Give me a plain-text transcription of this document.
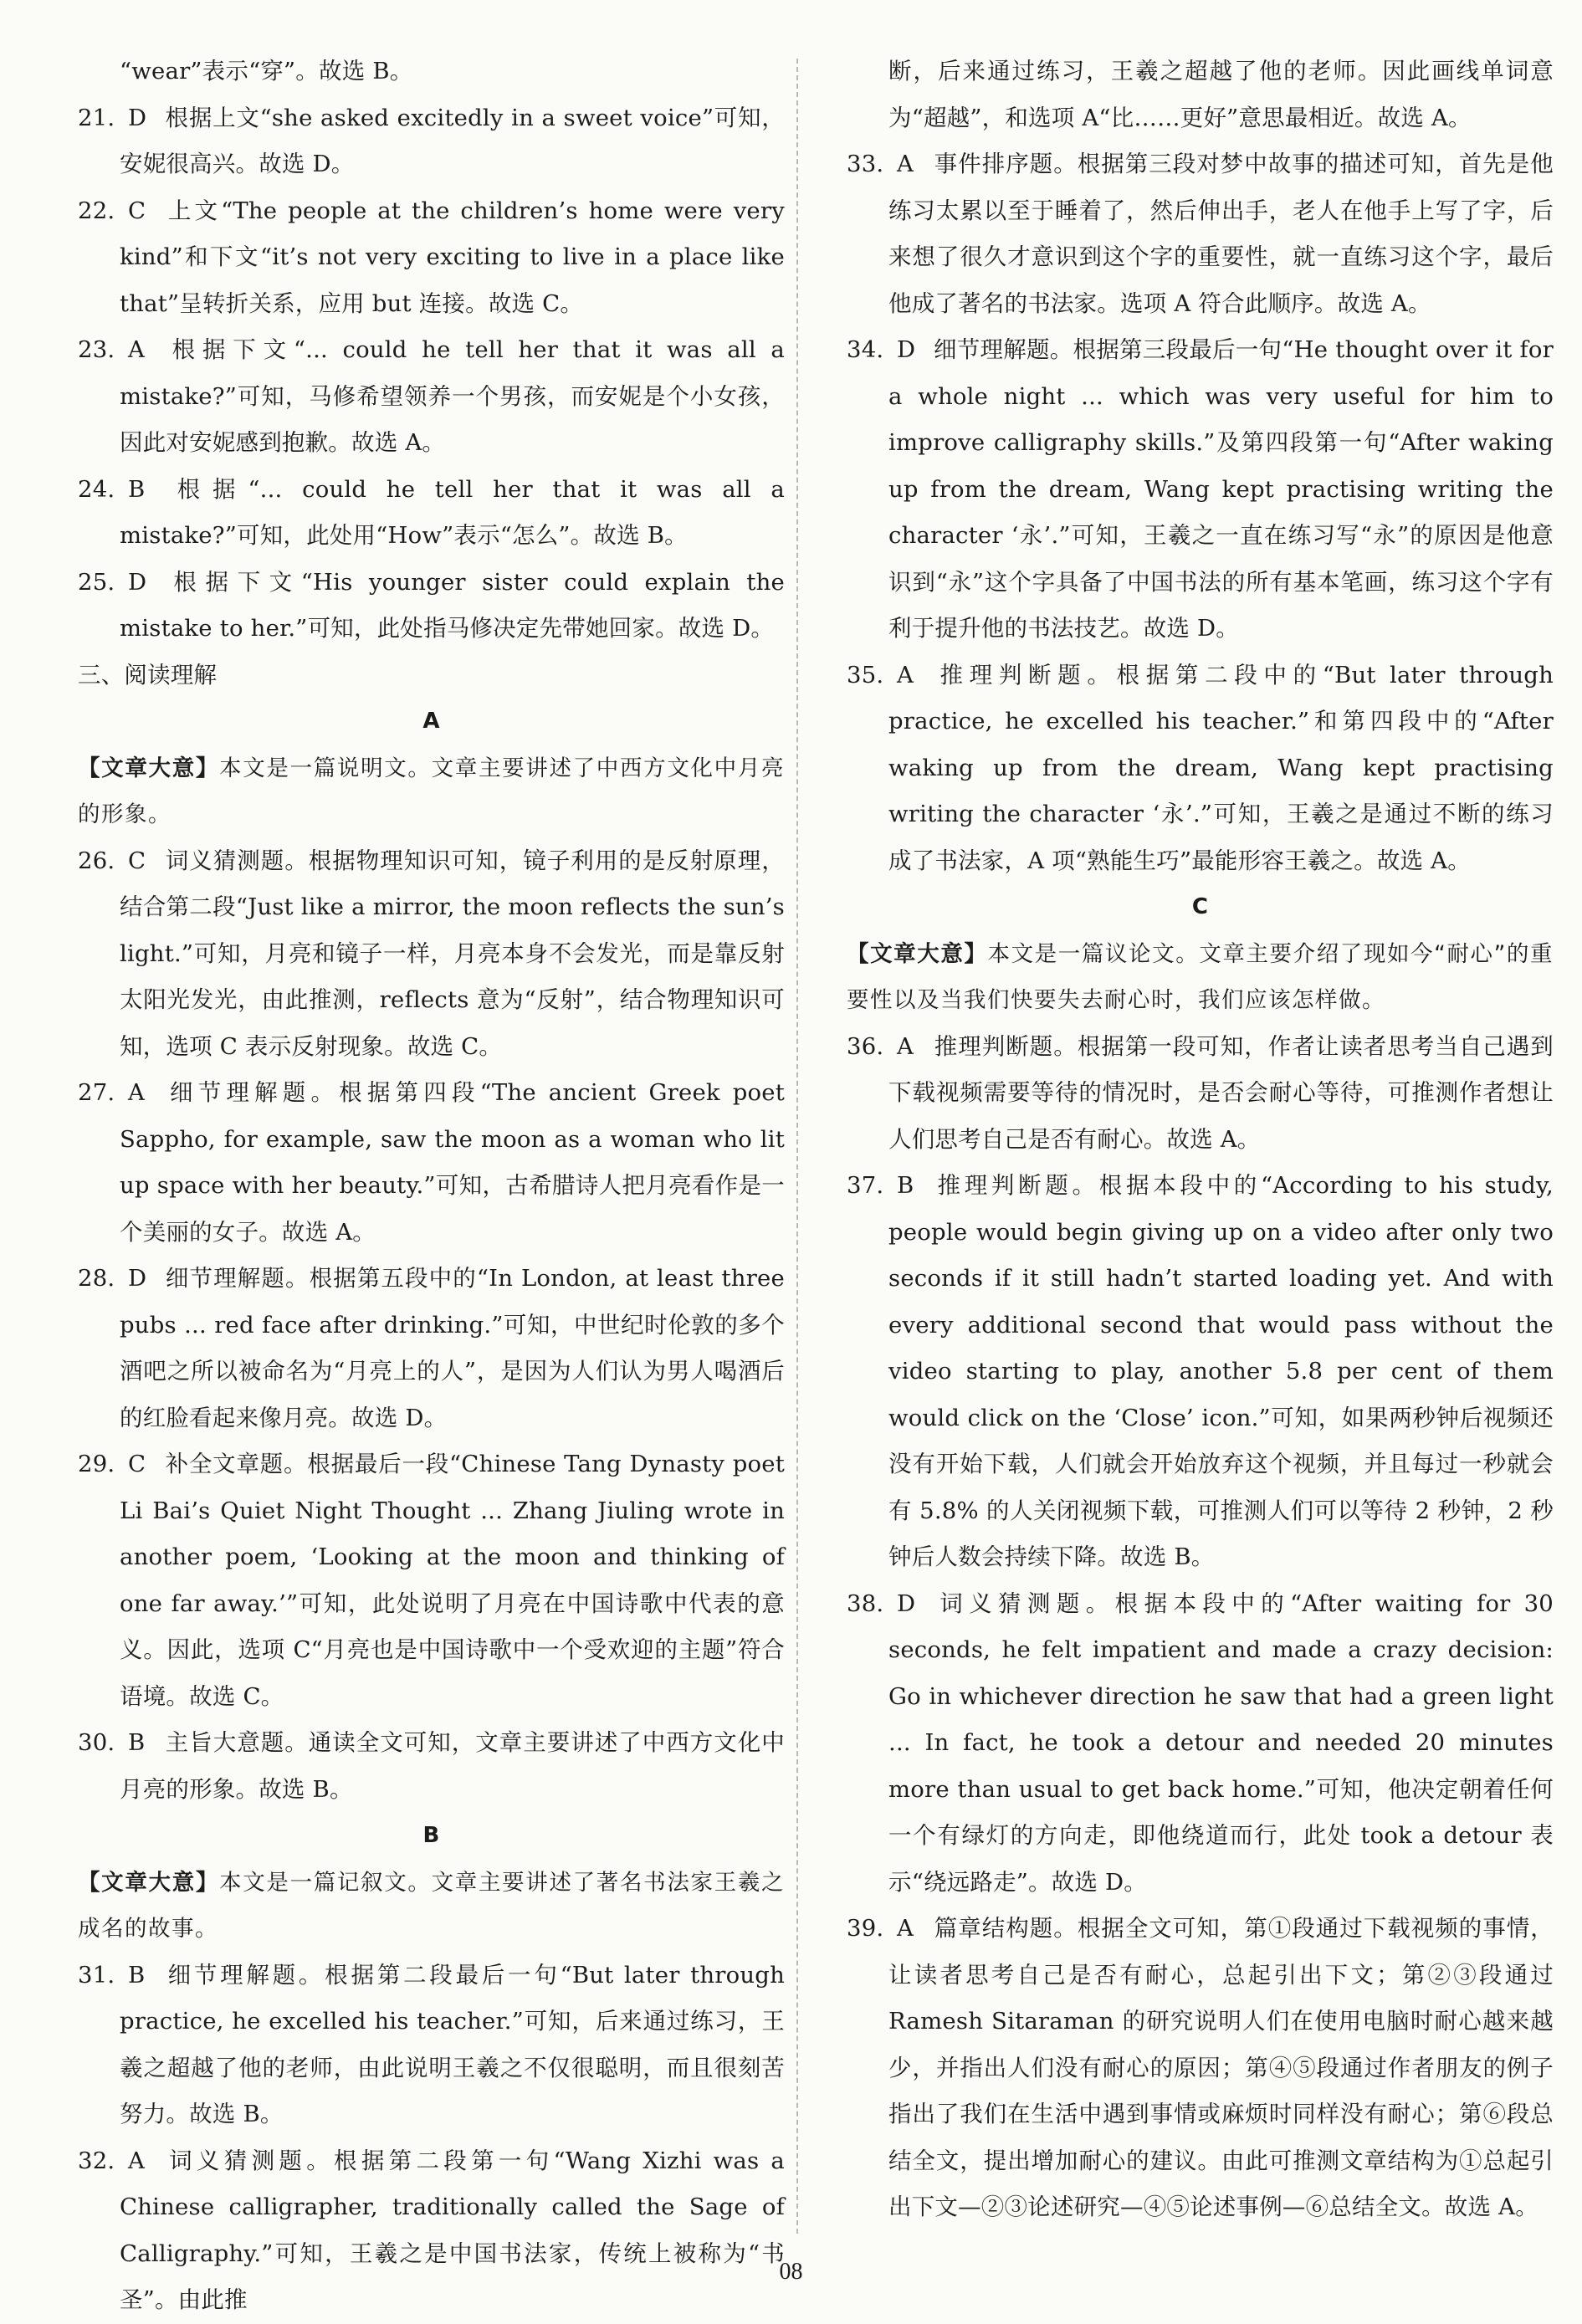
“wear”表示“穿”。故选 B。

21. D 根据上文“she asked excitedly in a sweet voice”可知，安妮很高兴。故选 D。

22. C 上文“The people at the children’s home were very kind”和下文“it’s not very exciting to live in a place like that”呈转折关系，应用 but 连接。故选 C。

23. A 根据下文“... could he tell her that it was all a mistake?”可知，马修希望领养一个男孩，而安妮是个小女孩，因此对安妮感到抱歉。故选 A。

24. B 根据“... could he tell her that it was all a mistake?”可知，此处用“How”表示“怎么”。故选 B。

25. D 根据下文“His younger sister could explain the mistake to her.”可知，此处指马修决定先带她回家。故选 D。

三、阅读理解

A

【文章大意】本文是一篇说明文。文章主要讲述了中西方文化中月亮的形象。

26. C 词义猜测题。根据物理知识可知，镜子利用的是反射原理，结合第二段“Just like a mirror, the moon reflects the sun’s light.”可知，月亮和镜子一样，月亮本身不会发光，而是靠反射太阳光发光，由此推测，reflects 意为“反射”，结合物理知识可知，选项 C 表示反射现象。故选 C。

27. A 细节理解题。根据第四段“The ancient Greek poet Sappho, for example, saw the moon as a woman who lit up space with her beauty.”可知，古希腊诗人把月亮看作是一个美丽的女子。故选 A。

28. D 细节理解题。根据第五段中的“In London, at least three pubs ... red face after drinking.”可知，中世纪时伦敦的多个酒吧之所以被命名为“月亮上的人”，是因为人们认为男人喝酒后的红脸看起来像月亮。故选 D。

29. C 补全文章题。根据最后一段“Chinese Tang Dynasty poet Li Bai’s Quiet Night Thought ... Zhang Jiuling wrote in another poem, ‘Looking at the moon and thinking of one far away.’”可知，此处说明了月亮在中国诗歌中代表的意义。因此，选项 C“月亮也是中国诗歌中一个受欢迎的主题”符合语境。故选 C。

30. B 主旨大意题。通读全文可知，文章主要讲述了中西方文化中月亮的形象。故选 B。

B

【文章大意】本文是一篇记叙文。文章主要讲述了著名书法家王羲之成名的故事。

31. B 细节理解题。根据第二段最后一句“But later through practice, he excelled his teacher.”可知，后来通过练习，王羲之超越了他的老师，由此说明王羲之不仅很聪明，而且很刻苦努力。故选 B。

32. A 词义猜测题。根据第二段第一句“Wang Xizhi was a Chinese calligrapher, traditionally called the Sage of Calligraphy.”可知，王羲之是中国书法家，传统上被称为“书圣”。由此推

断，后来通过练习，王羲之超越了他的老师。因此画线单词意为“超越”，和选项 A“比……更好”意思最相近。故选 A。

33. A 事件排序题。根据第三段对梦中故事的描述可知，首先是他练习太累以至于睡着了，然后伸出手，老人在他手上写了字，后来想了很久才意识到这个字的重要性，就一直练习这个字，最后他成了著名的书法家。选项 A 符合此顺序。故选 A。

34. D 细节理解题。根据第三段最后一句“He thought over it for a whole night ... which was very useful for him to improve calligraphy skills.”及第四段第一句“After waking up from the dream, Wang kept practising writing the character ‘永’.”可知，王羲之一直在练习写“永”的原因是他意识到“永”这个字具备了中国书法的所有基本笔画，练习这个字有利于提升他的书法技艺。故选 D。

35. A 推理判断题。根据第二段中的“But later through practice, he excelled his teacher.”和第四段中的“After waking up from the dream, Wang kept practising writing the character ‘永’.”可知，王羲之是通过不断的练习成了书法家，A 项“熟能生巧”最能形容王羲之。故选 A。

C

【文章大意】本文是一篇议论文。文章主要介绍了现如今“耐心”的重要性以及当我们快要失去耐心时，我们应该怎样做。

36. A 推理判断题。根据第一段可知，作者让读者思考当自己遇到下载视频需要等待的情况时，是否会耐心等待，可推测作者想让人们思考自己是否有耐心。故选 A。

37. B 推理判断题。根据本段中的“According to his study, people would begin giving up on a video after only two seconds if it still hadn’t started loading yet. And with every additional second that would pass without the video starting to play, another 5.8 per cent of them would click on the ‘Close’ icon.”可知，如果两秒钟后视频还没有开始下载，人们就会开始放弃这个视频，并且每过一秒就会有 5.8% 的人关闭视频下载，可推测人们可以等待 2 秒钟，2 秒钟后人数会持续下降。故选 B。

38. D 词义猜测题。根据本段中的“After waiting for 30 seconds, he felt impatient and made a crazy decision: Go in whichever direction he saw that had a green light ... In fact, he took a detour and needed 20 minutes more than usual to get back home.”可知，他决定朝着任何一个有绿灯的方向走，即他绕道而行，此处 took a detour 表示“绕远路走”。故选 D。

39. A 篇章结构题。根据全文可知，第①段通过下载视频的事情，让读者思考自己是否有耐心，总起引出下文；第②③段通过 Ramesh Sitaraman 的研究说明人们在使用电脑时耐心越来越少，并指出人们没有耐心的原因；第④⑤段通过作者朋友的例子指出了我们在生活中遇到事情或麻烦时同样没有耐心；第⑥段总结全文，提出增加耐心的建议。由此可推测文章结构为①总起引出下文—②③论述研究—④⑤论述事例—⑥总结全文。故选 A。

08
